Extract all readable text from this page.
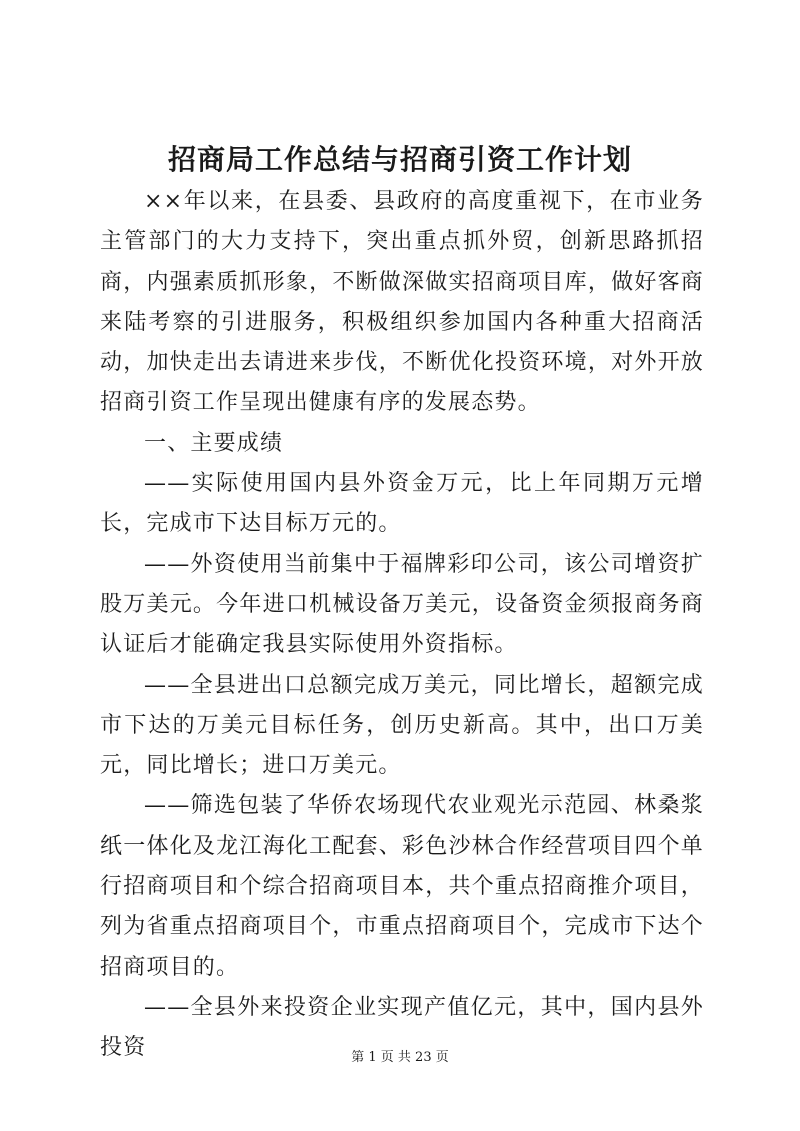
招商局工作总结与招商引资工作计划

××年以来，在县委、县政府的高度重视下，在市业务主管部门的大力支持下，突出重点抓外贸，创新思路抓招商，内强素质抓形象，不断做深做实招商项目库，做好客商来陆考察的引进服务，积极组织参加国内各种重大招商活动，加快走出去请进来步伐，不断优化投资环境，对外开放招商引资工作呈现出健康有序的发展态势。

一、主要成绩

——实际使用国内县外资金万元，比上年同期万元增长，完成市下达目标万元的。

——外资使用当前集中于福牌彩印公司，该公司增资扩股万美元。今年进口机械设备万美元，设备资金须报商务商认证后才能确定我县实际使用外资指标。

——全县进出口总额完成万美元，同比增长，超额完成市下达的万美元目标任务，创历史新高。其中，出口万美元，同比增长；进口万美元。

——筛选包装了华侨农场现代农业观光示范园、林桑浆纸一体化及龙江海化工配套、彩色沙林合作经营项目四个单行招商项目和个综合招商项目本，共个重点招商推介项目，列为省重点招商项目个，市重点招商项目个，完成市下达个招商项目的。

——全县外来投资企业实现产值亿元，其中，国内县外投资	第 1 页 共 23 页
